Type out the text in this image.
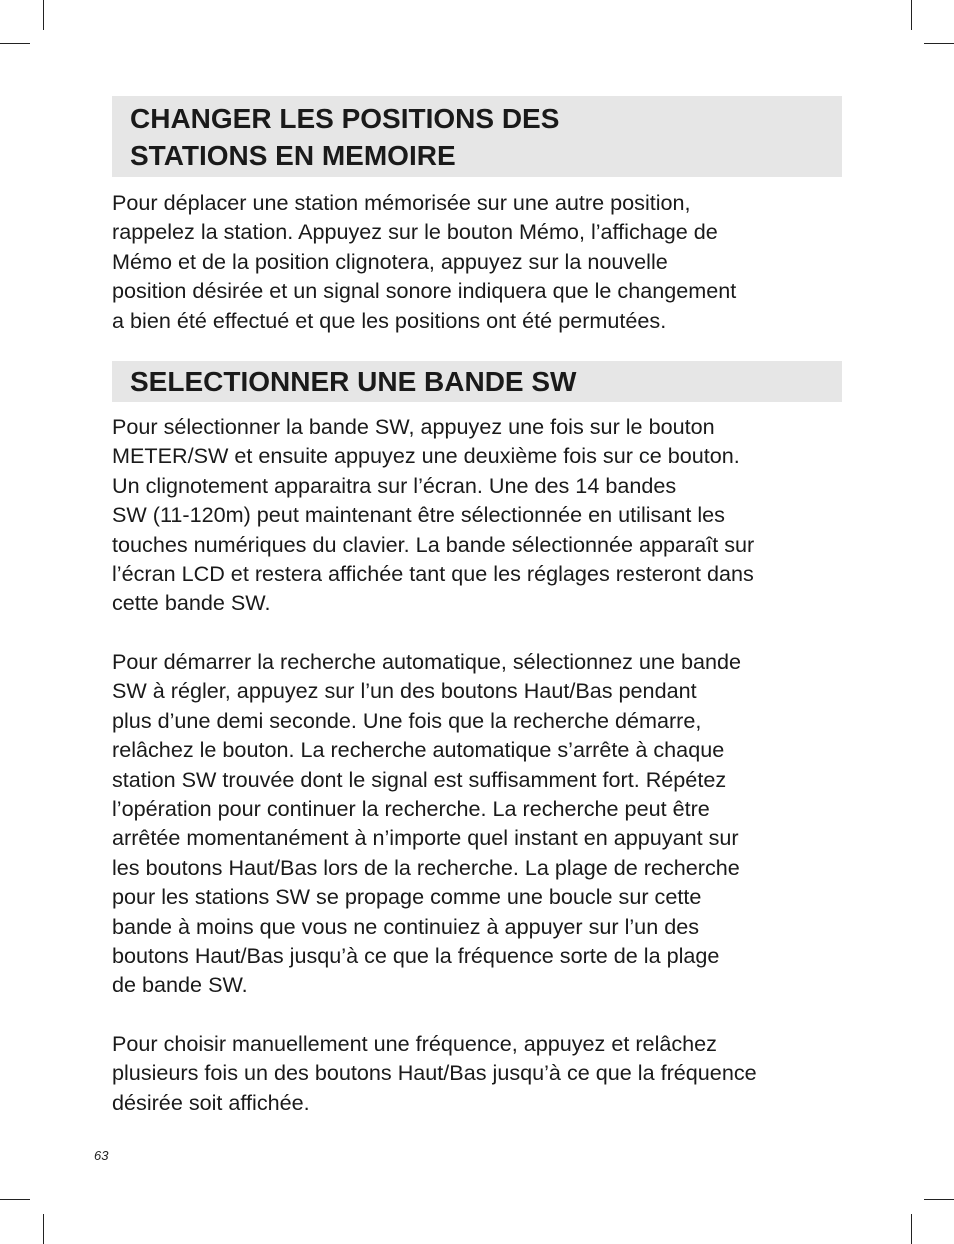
CHANGER LES POSITIONS DES
STATIONS EN MEMOIRE

Pour déplacer une station mémorisée sur une autre position,
rappelez la station. Appuyez sur le bouton Mémo, l’affichage de
Mémo et de la position clignotera, appuyez sur la nouvelle
position désirée et un signal sonore indiquera que le changement
a bien été effectué et que les positions ont été permutées.

SELECTIONNER UNE BANDE SW

Pour sélectionner la bande SW, appuyez une fois sur le bouton
METER/SW et ensuite appuyez une deuxième fois sur ce bouton.
Un clignotement apparaitra sur l’écran. Une des 14 bandes
SW (11-120m) peut maintenant être sélectionnée en utilisant les
touches numériques du clavier. La bande sélectionnée apparaît sur
l’écran LCD et restera affichée tant que les réglages resteront dans
cette bande SW.

Pour démarrer la recherche automatique, sélectionnez une bande
SW à régler, appuyez sur l’un des boutons Haut/Bas pendant
plus d’une demi seconde. Une fois que la recherche démarre,
relâchez le bouton. La recherche automatique s’arrête à chaque
station SW trouvée dont le signal est suffisamment fort. Répétez
l’opération pour continuer la recherche. La recherche peut être
arrêtée momentanément à n’importe quel instant en appuyant sur
les boutons Haut/Bas lors de la recherche. La plage de recherche
pour les stations SW se propage comme une boucle sur cette
bande à moins que vous ne continuiez à appuyer sur l’un des
boutons Haut/Bas jusqu’à ce que la fréquence sorte de la plage
de bande SW.

Pour choisir manuellement une fréquence, appuyez et relâchez
plusieurs fois un des boutons Haut/Bas jusqu’à ce que la fréquence
désirée soit affichée.

63
